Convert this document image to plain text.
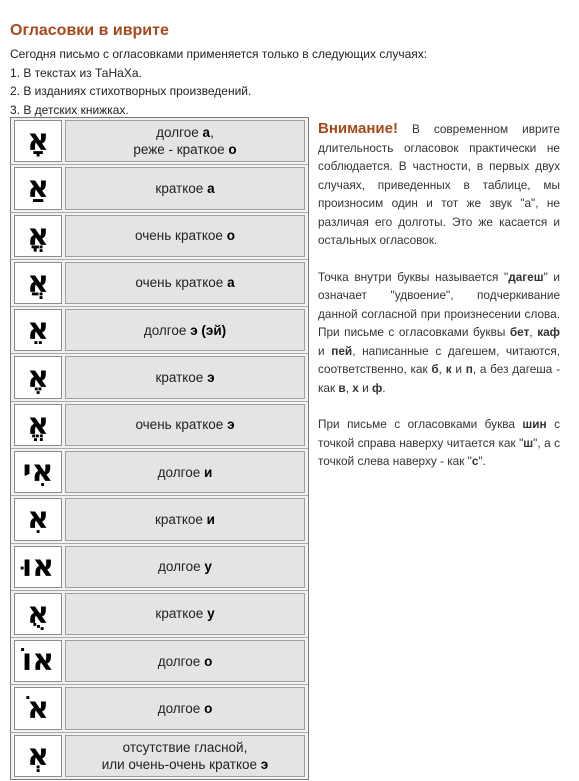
Огласовки в иврите
Сегодня письмо с огласовками применяется только в следующих случаях:
1. В текстах из ТаНаХа.
2. В изданиях стихотворных произведений.
3. В детских книжках.
אָ	долгое а,
реже - краткое о
אַ	краткое а
אֳ	очень краткое о
אֲ	очень краткое а
אֵ	долгое э (эй)
אֶ	краткое э
אֱ	очень краткое э
אִי	долгое и
אִ	краткое и
אוּ	долгое у
אֻ	краткое у
אוֹ	долгое о
אֹ	долгое о
אְ	отсутствие гласной,
или очень-очень краткое э

Внимание! В современном иврите длительность огласовок практически не соблюдается. В частности, в первых двух случаях, приведенных в таблице, мы произносим один и тот же звук "а", не различая его долготы. Это же касается и остальных огласовок.

Точка внутри буквы называется "дагеш" и означает "удвоение", подчеркивание данной согласной при произнесении слова. При письме с огласовками буквы бет, каф и пей, написанные с дагешем, читаются, соответственно, как б, к и п, а без дагеша - как в, х и ф.

При письме с огласовками буква шин с точкой справа наверху читается как "ш", а с точкой слева наверху - как "с".
